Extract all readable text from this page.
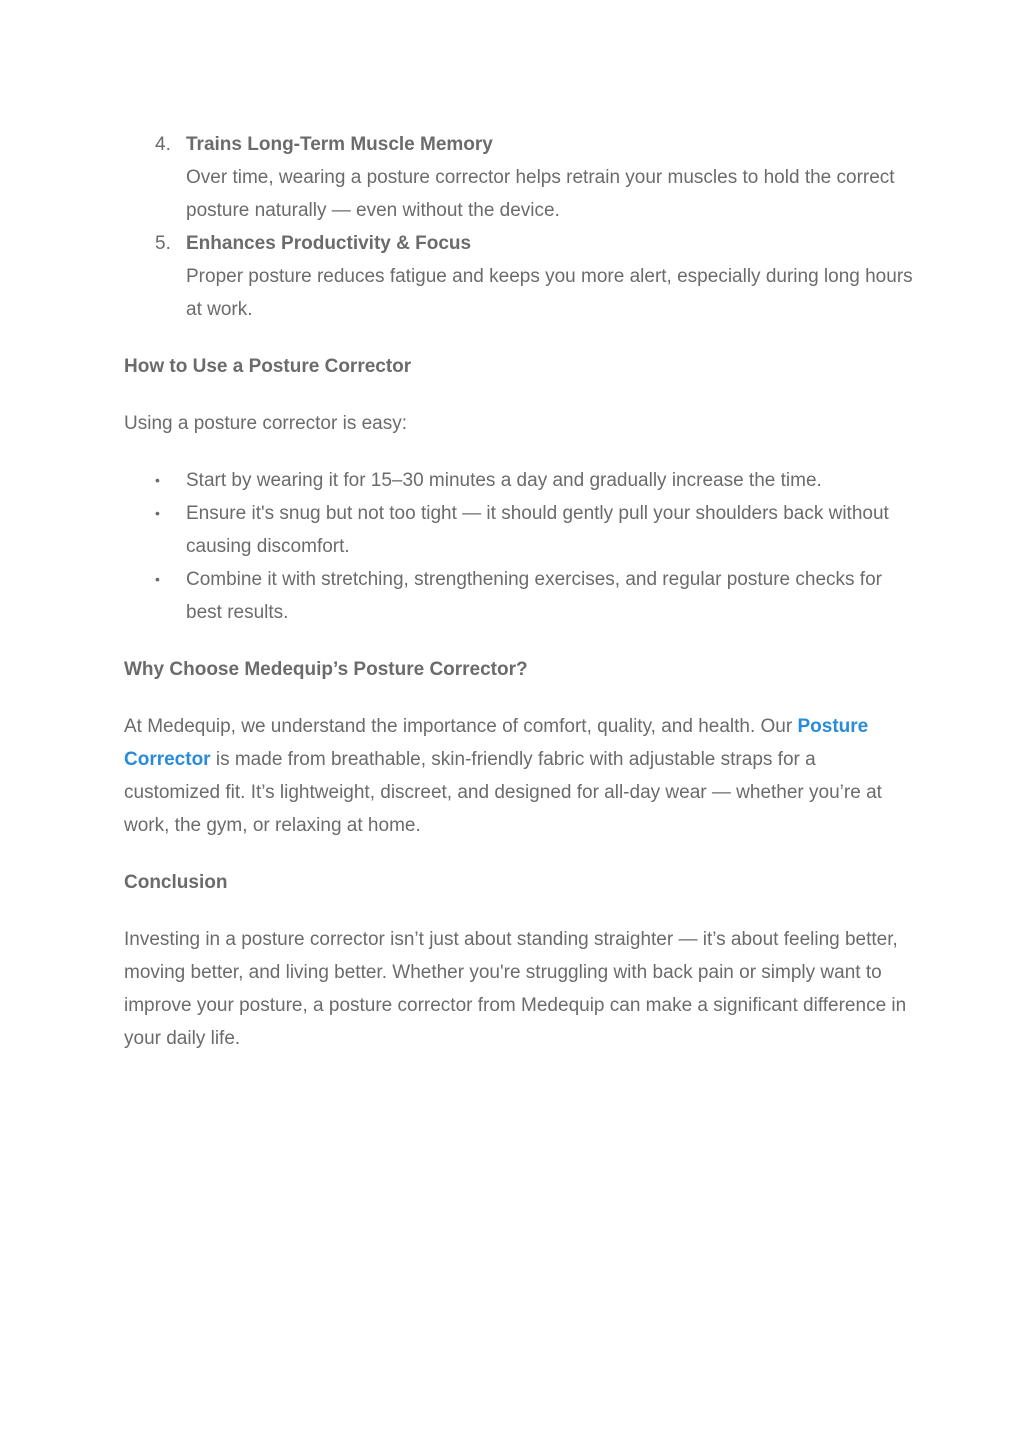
4. Trains Long-Term Muscle Memory
Over time, wearing a posture corrector helps retrain your muscles to hold the correct posture naturally — even without the device.
5. Enhances Productivity & Focus
Proper posture reduces fatigue and keeps you more alert, especially during long hours at work.
How to Use a Posture Corrector

Using a posture corrector is easy:

• Start by wearing it for 15–30 minutes a day and gradually increase the time.
• Ensure it's snug but not too tight — it should gently pull your shoulders back without causing discomfort.
• Combine it with stretching, strengthening exercises, and regular posture checks for best results.
Why Choose Medequip’s Posture Corrector?

At Medequip, we understand the importance of comfort, quality, and health. Our Posture Corrector is made from breathable, skin-friendly fabric with adjustable straps for a customized fit. It’s lightweight, discreet, and designed for all-day wear — whether you’re at work, the gym, or relaxing at home.

Conclusion

Investing in a posture corrector isn’t just about standing straighter — it’s about feeling better, moving better, and living better. Whether you're struggling with back pain or simply want to improve your posture, a posture corrector from Medequip can make a significant difference in your daily life.
